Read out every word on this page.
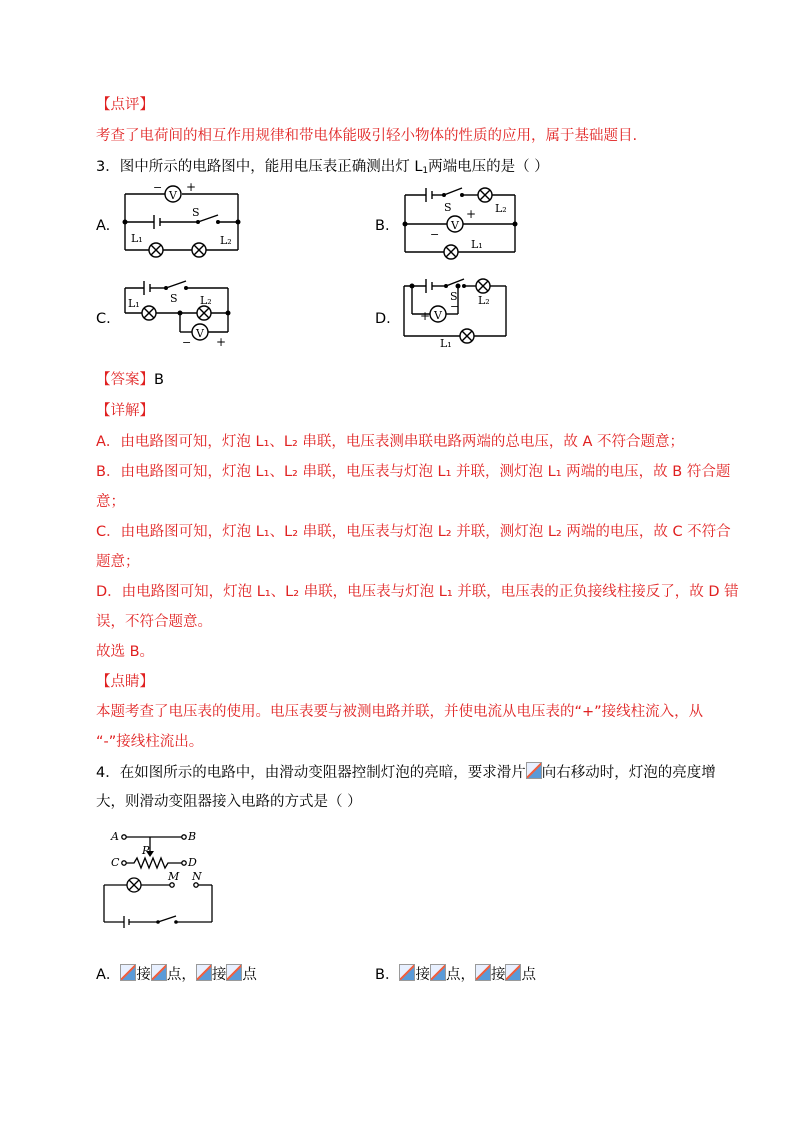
【点评】
考查了电荷间的相互作用规律和带电体能吸引轻小物体的性质的应用，属于基础题目.
3．图中所示的电路图中，能用电压表正确测出灯 $L_1$两端电压的是（ ）
A.	B.
C.	D.
V
− +
S
L₁	L₂
S	L₂
V
+
−
L₁
L₁	S L₂
V
− +
S L₂
+ V
−
L₁
【答案】B
【详解】
A．由电路图可知，灯泡 L₁、L₂ 串联，电压表测串联电路两端的总电压，故 A 不符合题意；
B．由电路图可知，灯泡 L₁、L₂ 串联，电压表与灯泡 L₁ 并联，测灯泡 L₁ 两端的电压，故 B 符合题
意；
C．由电路图可知，灯泡 L₁、L₂ 串联，电压表与灯泡 L₂ 并联，测灯泡 L₂ 两端的电压，故 C 不符合
题意；
D．由电路图可知，灯泡 L₁、L₂ 串联，电压表与灯泡 L₁ 并联，电压表的正负接线柱接反了，故 D 错
误，不符合题意。
故选 B。
【点睛】
本题考查了电压表的使用。电压表要与被测电路并联，并使电流从电压表的“+”接线柱流入，从
“-”接线柱流出。
4．在如图所示的电路中，由滑动变阻器控制灯泡的亮暗，要求滑片 向右移动时，灯泡的亮度增
大，则滑动变阻器接入电路的方式是（ ）
A	B
P
C	D
M N
A． 接 点， 接 点	B． 接 点， 接 点
